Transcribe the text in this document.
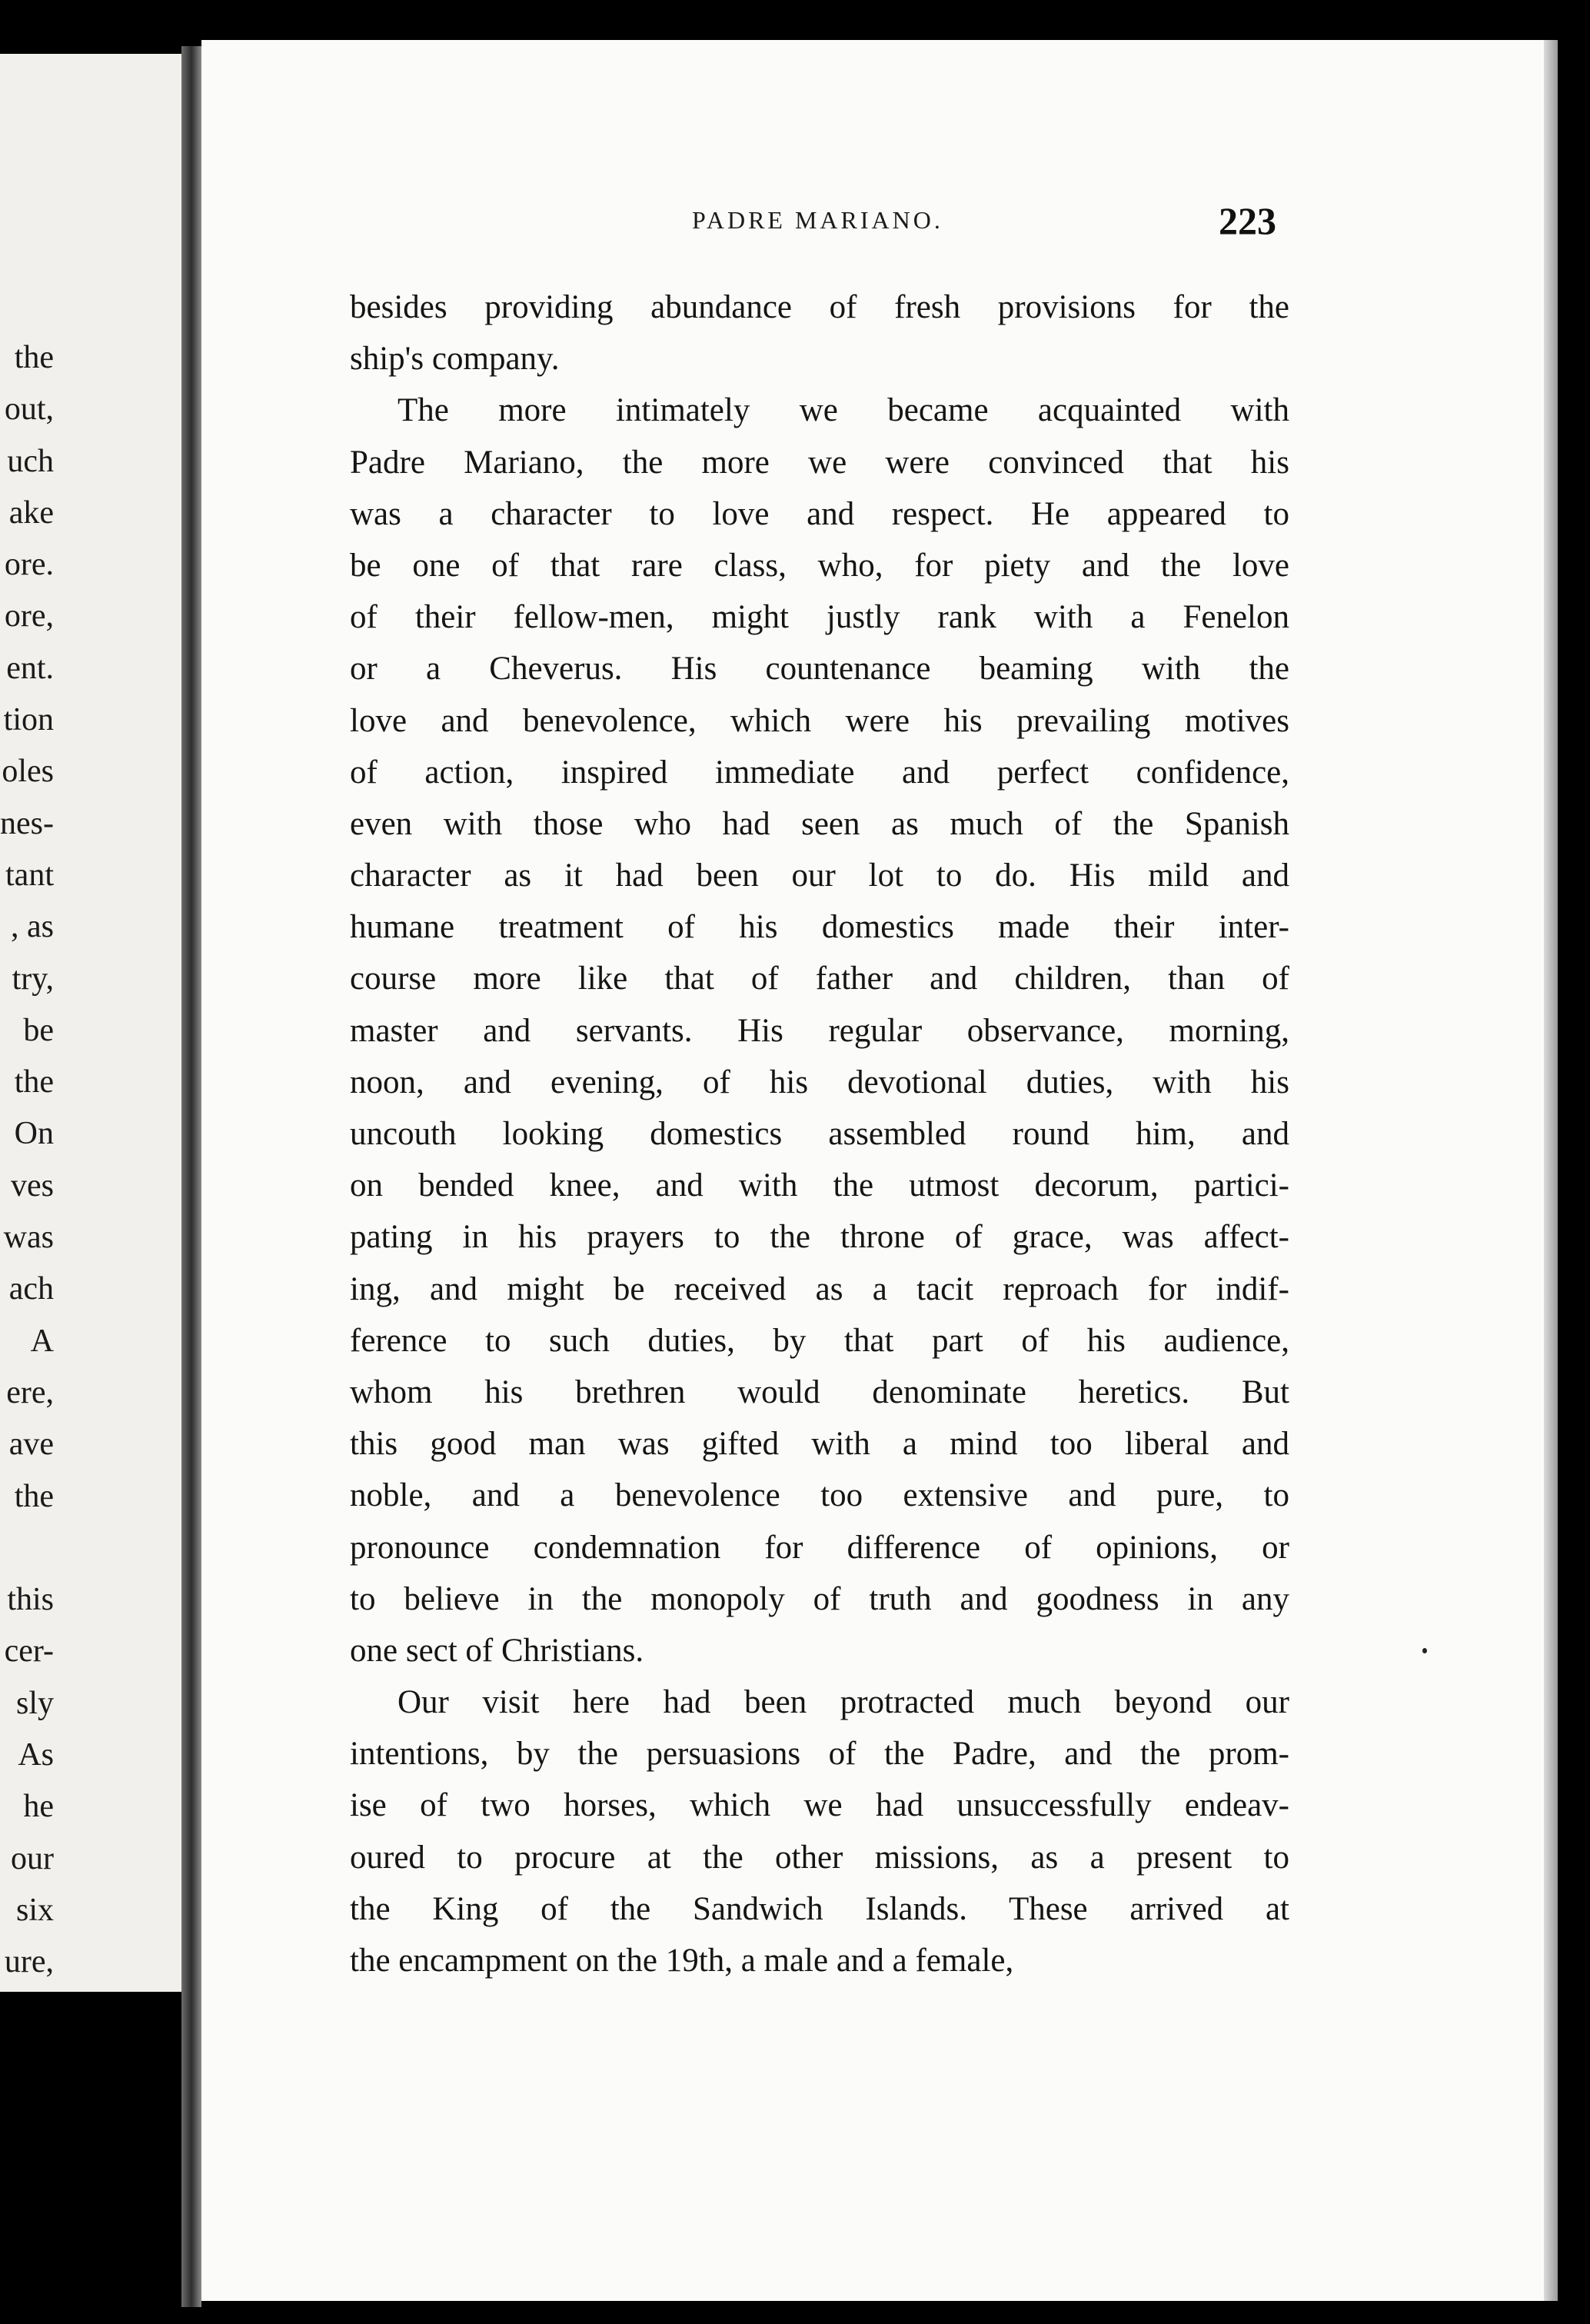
the
out,
uch
ake
ore.
ore,
ent.
tion
oles
nes-
tant
, as
try,
be
the
On
ves
was
ach
A
ere,
ave
the
this
cer-
sly
As
he
our
six
ure,
PADRE MARIANO.	223
besides providing abundance of fresh provisions for the
ship's company.
The more intimately we became acquainted with
Padre Mariano, the more we were convinced that his
was a character to love and respect. He appeared to
be one of that rare class, who, for piety and the love
of their fellow-men, might justly rank with a Fenelon
or a Cheverus. His countenance beaming with the
love and benevolence, which were his prevailing motives
of action, inspired immediate and perfect confidence,
even with those who had seen as much of the Spanish
character as it had been our lot to do. His mild and
humane treatment of his domestics made their inter-
course more like that of father and children, than of
master and servants. His regular observance, morning,
noon, and evening, of his devotional duties, with his
uncouth looking domestics assembled round him, and
on bended knee, and with the utmost decorum, partici-
pating in his prayers to the throne of grace, was affect-
ing, and might be received as a tacit reproach for indif-
ference to such duties, by that part of his audience,
whom his brethren would denominate heretics. But
this good man was gifted with a mind too liberal and
noble, and a benevolence too extensive and pure, to
pronounce condemnation for difference of opinions, or
to believe in the monopoly of truth and goodness in any
one sect of Christians.
Our visit here had been protracted much beyond our
intentions, by the persuasions of the Padre, and the prom-
ise of two horses, which we had unsuccessfully endeav-
oured to procure at the other missions, as a present to
the King of the Sandwich Islands. These arrived at
the encampment on the 19th, a male and a female,
